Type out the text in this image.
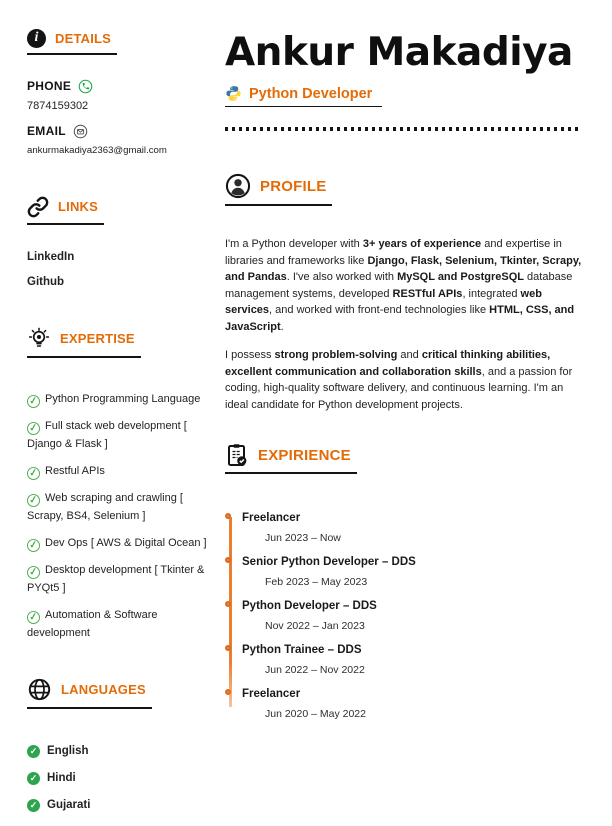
i	DETAILS
PHONE
7874159302
EMAIL
ankurmakadiya2363@gmail.com
LINKS
LinkedIn
Github
EXPERTISE
✓ Python Programming Language
✓ Full stack web development [ Django & Flask ]
✓ Restful APIs
✓ Web scraping and crawling [ Scrapy, BS4, Selenium ]
✓ Dev Ops [ AWS & Digital Ocean ]
✓ Desktop development [ Tkinter & PYQt5 ]
✓ Automation & Software development
LANGUAGES
✓ English
✓ Hindi
✓ Gujarati
Ankur Makadiya
Python Developer
PROFILE

I'm a Python developer with 3+ years of experience and expertise in libraries and frameworks like Django, Flask, Selenium, Tkinter, Scrapy, and Pandas. I've also worked with MySQL and PostgreSQL database management systems, developed RESTful APIs, integrated web services, and worked with front-end technologies like HTML, CSS, and JavaScript.

I possess strong problem-solving and critical thinking abilities, excellent communication and collaboration skills, and a passion for coding, high-quality software delivery, and continuous learning. I'm an ideal candidate for Python development projects.

EXPIRIENCE
Freelancer
Jun 2023 – Now
Senior Python Developer – DDS
Feb 2023 – May 2023
Python Developer – DDS
Nov 2022 – Jan 2023
Python Trainee – DDS
Jun 2022 – Nov 2022
Freelancer
Jun 2020 – May 2022
